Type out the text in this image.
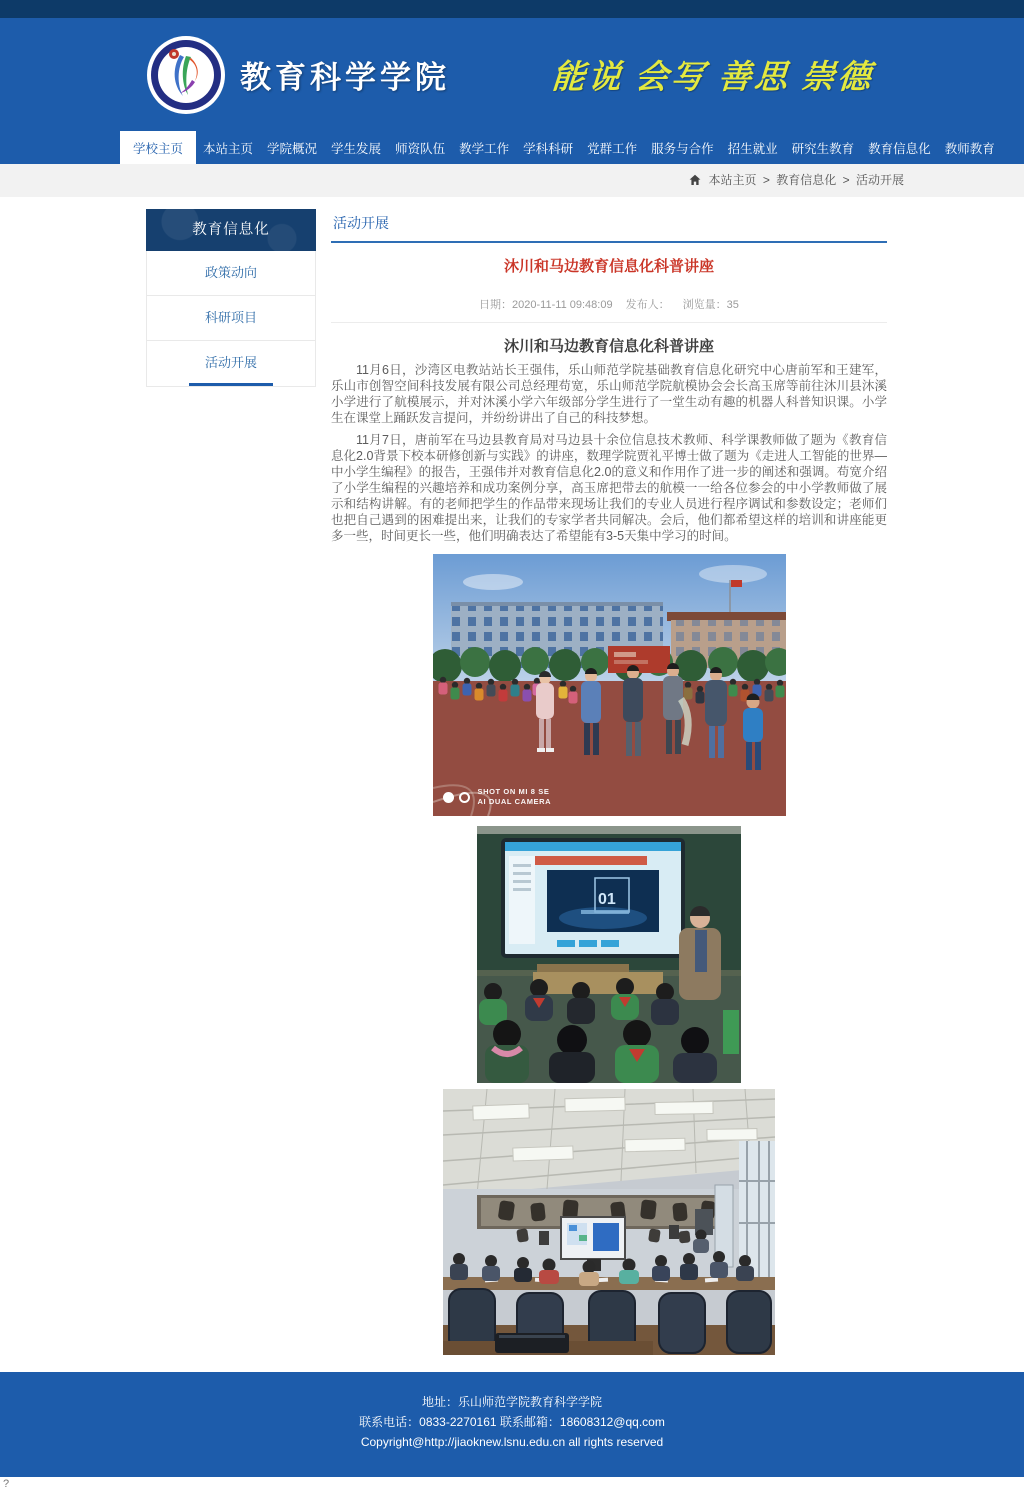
教育科学学院	能说 会写 善思 崇德
学校主页	本站主页	学院概况	学生发展	师资队伍	教学工作	学科科研	党群工作	服务与合作	招生就业	研究生教育	教育信息化	教师教育
本站主页 > 教育信息化 > 活动开展
教育信息化
政策动向
科研项目
活动开展
活动开展
沐川和马边教育信息化科普讲座
日期：2020-11-11 09:48:09 发布人： 浏览量：35
沐川和马边教育信息化科普讲座

11月6日，沙湾区电教站站长王强伟，乐山师范学院基础教育信息化研究中心唐前军和王建军，乐山市创智空间科技发展有限公司总经理苟宽，乐山师范学院航模协会会长高玉席等前往沐川县沐溪小学进行了航模展示，并对沐溪小学六年级部分学生进行了一堂生动有趣的机器人科普知识课。小学生在课堂上踊跃发言提问，并纷纷讲出了自己的科技梦想。

11月7日，唐前军在马边县教育局对马边县十余位信息技术教师、科学课教师做了题为《教育信息化2.0背景下校本研修创新与实践》的讲座，数理学院贾礼平博士做了题为《走进人工智能的世界—中小学生编程》的报告，王强伟并对教育信息化2.0的意义和作用作了进一步的阐述和强调。苟宽介绍了小学生编程的兴趣培养和成功案例分享，高玉席把带去的航模一一给各位参会的中小学教师做了展示和结构讲解。有的老师把学生的作品带来现场让我们的专业人员进行程序调试和参数设定；老师们也把自己遇到的困难提出来，让我们的专家学者共同解决。会后，他们都希望这样的培训和讲座能更多一些，时间更长一些，他们明确表达了希望能有3-5天集中学习的时间。

SHOT ON MI 8 SE
AI DUAL CAMERA
01
地址：乐山师范学院教育科学学院
联系电话：0833-2270161 联系邮箱：18608312@qq.com
Copyright@http://jiaoknew.lsnu.edu.cn all rights reserved
?
